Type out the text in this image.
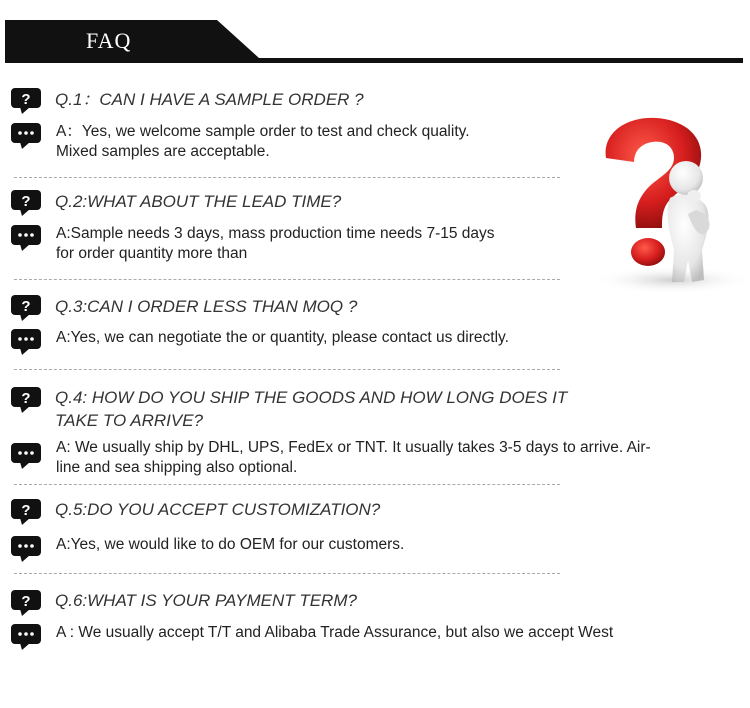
FAQ
? Q.1：CAN I HAVE A SAMPLE ORDER ?
A：Yes, we welcome sample order to test and check quality.
Mixed samples are acceptable.
? Q.2:WHAT ABOUT THE LEAD TIME?
A:Sample needs 3 days, mass production time needs 7-15 days
for order quantity more than
? Q.3:CAN I ORDER LESS THAN MOQ ?
A:Yes, we can negotiate the or quantity, please contact us directly.
? Q.4: HOW DO YOU SHIP THE GOODS AND HOW LONG DOES IT
TAKE TO ARRIVE?
A: We usually ship by DHL, UPS, FedEx or TNT. It usually takes 3-5 days to arrive. Air-
line and sea shipping also optional.
? Q.5:DO YOU ACCEPT CUSTOMIZATION?
A:Yes, we would like to do OEM for our customers.
? Q.6:WHAT IS YOUR PAYMENT TERM?
A : We usually accept T/T and Alibaba Trade Assurance, but also we accept West
